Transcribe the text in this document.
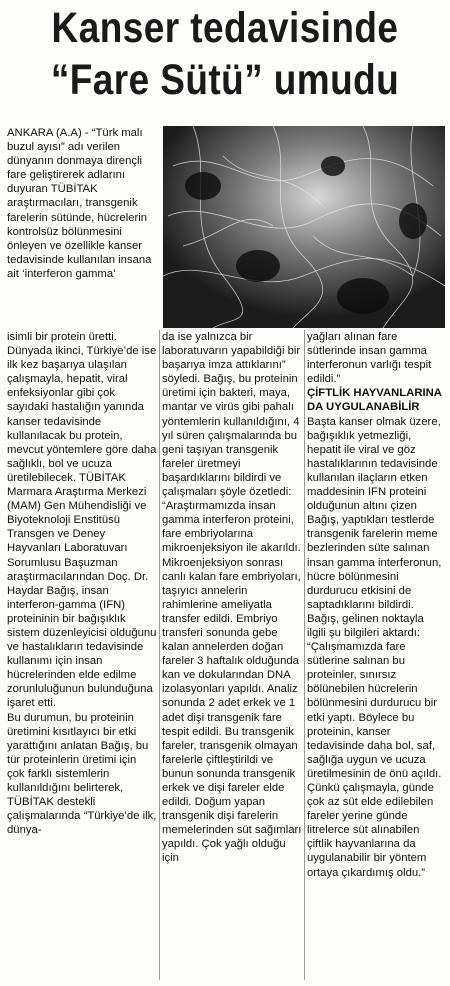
Kanser tedavisinde
“Fare Sütü” umudu

ANKARA (A.A) - “Türk malı buzul ayısı” adı verilen dünyanın donmaya dirençli fare geliştirerek adlarını duyuran TÜBİTAK araştırmacıları, transgenik farelerin sütünde, hücrelerin kontrolsüz bölünmesini önleyen ve özellikle kanser tedavisinde kullanılan insana ait ‘interferon gamma’

isimli bir protein üretti. Dünyada ikinci, Türkiye’de ise ilk kez başarıya ulaşılan çalışmayla, hepatit, viral enfeksiyonlar gibi çok sayıdaki hastalığın yanında kanser tedavisinde kullanılacak bu protein, mevcut yöntemlere göre daha sağlıklı, bol ve ucuza üretilebilecek. TÜBİTAK Marmara Araştırma Merkezi (MAM) Gen Mühendisliği ve Biyoteknoloji Enstitüsü Transgen ve Deney Hayvanları Laboratuvarı Sorumlusu Başuzman araştırmacılarından Doç. Dr. Haydar Bağış, insan interferon-gamma (IFN) proteininin bir bağışıklık sistem düzenleyicisi olduğunu ve hastalıkların tedavisinde kullanımı için insan hücrelerinden elde edilme zorunluluğunun bulunduğuna işaret etti.

Bu durumun, bu proteinin üretimini kısıtlayıcı bir etki yarattığını anlatan Bağış, bu tür proteinlerin üretimi için çok farklı sistemlerin kullanıldığını belirterek, TÜBİTAK destekli çalışmalarında “Türkiye’de ilk, dünya-

da ise yalnızca bir laboratuvarın yapabildiği bir başarıya imza attıklarını” söyledi. Bağış, bu proteinin üretimi için bakteri, maya, mantar ve virüs gibi pahalı yöntemlerin kullanıldığını, 4 yıl süren çalışmalarında bu geni taşıyan transgenik fareler üretmeyi başardıklarını bildirdi ve çalışmaları şöyle özetledi: “Araştırmamızda insan gamma interferon proteini, fare embriyolarına mikroenjeksiyon ile akarıldı. Mikroenjeksiyon sonrası canlı kalan fare embriyoları, taşıyıcı annelerin rahimlerine ameliyatla transfer edildi. Embriyo transferi sonunda gebe kalan annelerden doğan fareler 3 haftalık olduğunda kan ve dokularından DNA izolasyonları yapıldı. Analiz sonunda 2 adet erkek ve 1 adet dişi transgenik fare tespit edildi. Bu transgenik fareler, transgenik olmayan farelerle çiftleştirildi ve bunun sonunda transgenik erkek ve dişi fareler elde edildi. Doğum yapan transgenik dişi farelerin memelerinden süt sağımları yapıldı. Çok yağlı olduğu için

yağları alınan fare sütlerinde insan gamma interferonun varlığı tespit edildi.”

ÇİFTLİK HAYVANLARINA DA UYGULANABİLİR

Başta kanser olmak üzere, bağışıklık yetmezliği, hepatit ile viral ve göz hastalıklarının tedavisinde kullanılan ilaçların etken maddesinin IFN proteini olduğunun altını çizen Bağış, yaptıkları testlerde transgenik farelerin meme bezlerinden süte salınan insan gamma interferonun, hücre bölünmesini durdurucu etkisini de saptadıklarını bildirdi. Bağış, gelinen noktayla ilgili şu bilgileri aktardı:

“Çalışmamızda fare sütlerine salınan bu proteinler, sınırsız bölünebilen hücrelerin bölünmesini durdurucu bir etki yaptı. Böylece bu proteinin, kanser tedavisinde daha bol, saf, sağlığa uygun ve ucuza üretilmesinin de önü açıldı. Çünkü çalışmayla, günde çok az süt elde edilebilen fareler yerine günde litrelerce süt alınabilen çiftlik hayvanlarına da uygulanabilir bir yöntem ortaya çıkardımış oldu.”
